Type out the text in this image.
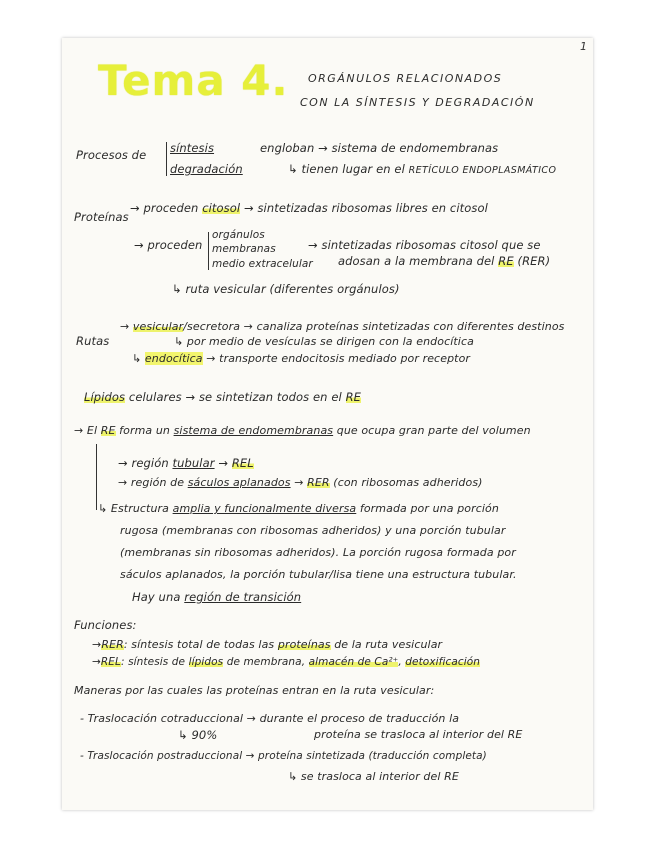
1
Tema 4. ORGÁNULOS RELACIONADOS
CON LA SÍNTESIS Y DEGRADACIÓN
Procesos de síntesis
degradación
engloban → sistema de endomembranas
↳ tienen lugar en el RETÍCULO ENDOPLASMÁTICO
Proteínas
→ proceden citosol → sintetizadas ribosomas libres en citosol
→ proceden
orgánulos
membranas
medio extracelular
→ sintetizadas ribosomas citosol que se
adosan a la membrana del RE (RER)
↳ ruta vesicular (diferentes orgánulos)
Rutas
→ vesicular/secretora → canaliza proteínas sintetizadas con diferentes destinos
↳ por medio de vesículas se dirigen con la endocítica
↳ endocítica → transporte endocitosis mediado por receptor
Lípidos celulares → se sintetizan todos en el RE
→ El RE forma un sistema de endomembranas que ocupa gran parte del volumen
→ región tubular → REL
→ región de sáculos aplanados → RER (con ribosomas adheridos)
↳ Estructura amplia y funcionalmente diversa formada por una porción
rugosa (membranas con ribosomas adheridos) y una porción tubular
(membranas sin ribosomas adheridos). La porción rugosa formada por
sáculos aplanados, la porción tubular/lisa tiene una estructura tubular.
Hay una región de transición
Funciones:
→RER: síntesis total de todas las proteínas de la ruta vesicular
→REL: síntesis de lípidos de membrana, almacén de Ca²⁺, detoxificación
Maneras por las cuales las proteínas entran en la ruta vesicular:
- Traslocación cotraduccional → durante el proceso de traducción la
↳ 90%	proteína se trasloca al interior del RE
- Traslocación postraduccional → proteína sintetizada (traducción completa)
↳ se trasloca al interior del RE
